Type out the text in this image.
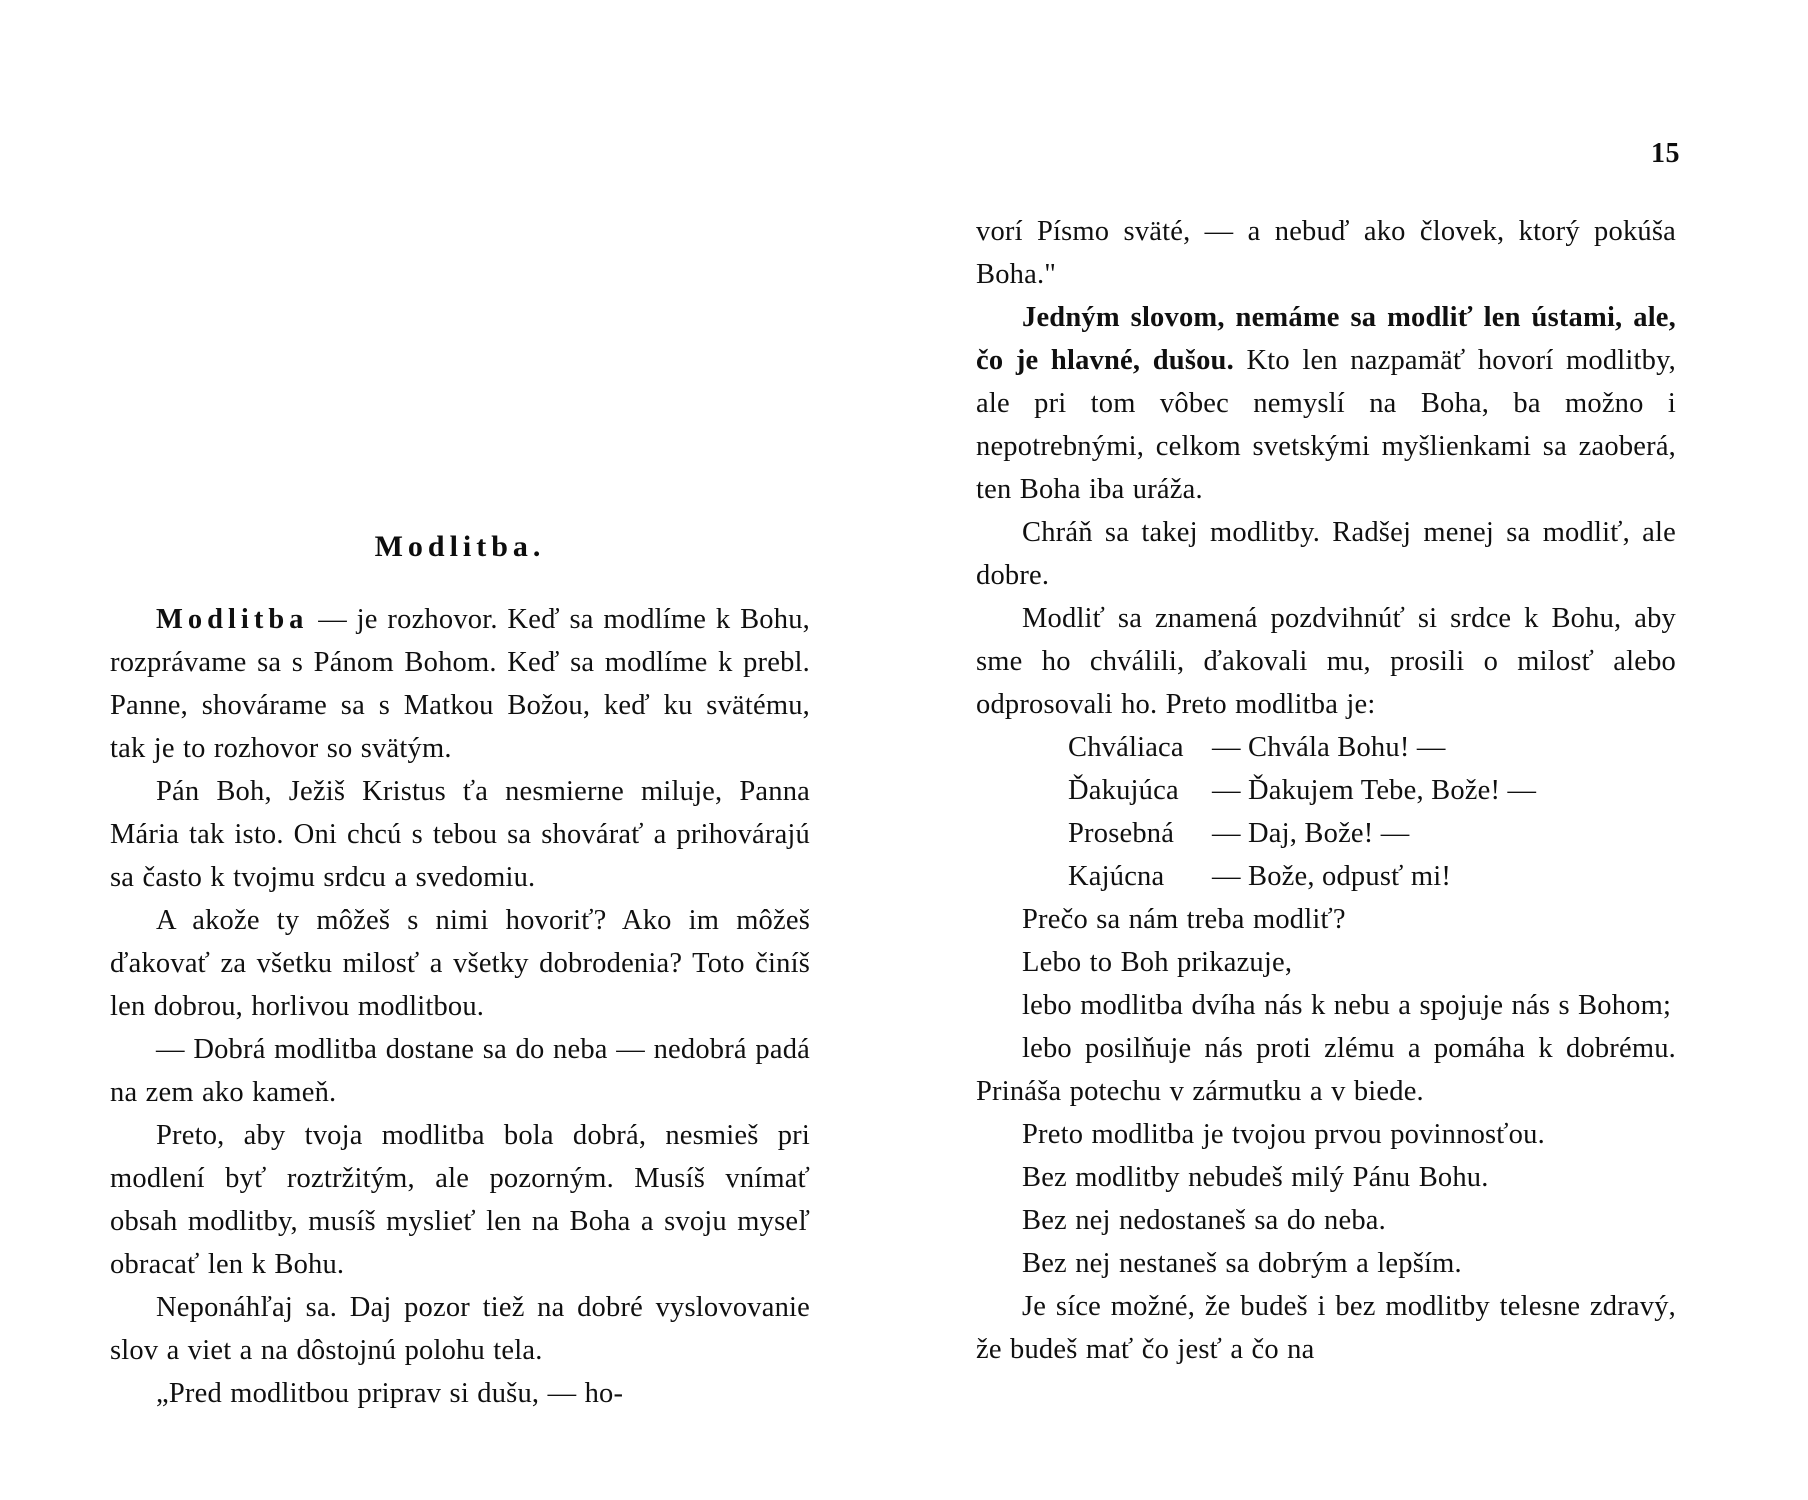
15
Modlitba.

Modlitba — je rozhovor. Keď sa modlíme k Bohu, rozprávame sa s Pánom Bohom. Keď sa modlíme k prebl. Panne, shovárame sa s Matkou Božou, keď ku svätému, tak je to rozhovor so svätým.

Pán Boh, Ježiš Kristus ťa nesmierne miluje, Panna Mária tak isto. Oni chcú s tebou sa shovárať a prihovárajú sa často k tvojmu srdcu a svedomiu.

A akože ty môžeš s nimi hovoriť? Ako im môžeš ďakovať za všetku milosť a všetky dobrodenia? Toto činíš len dobrou, horlivou modlitbou.

— Dobrá modlitba dostane sa do neba — nedobrá padá na zem ako kameň.

Preto, aby tvoja modlitba bola dobrá, nesmieš pri modlení byť roztržitým, ale pozorným. Musíš vnímať obsah modlitby, musíš myslieť len na Boha a svoju myseľ obracať len k Bohu.

Neponáhľaj sa. Daj pozor tiež na dobré vyslovovanie slov a viet a na dôstojnú polohu tela.

„Pred modlitbou priprav si dušu, — ho-

vorí Písmo sväté, — a nebuď ako človek, ktorý pokúša Boha."

Jedným slovom, nemáme sa modliť len ústami, ale, čo je hlavné, dušou. Kto len nazpamäť hovorí modlitby, ale pri tom vôbec nemyslí na Boha, ba možno i nepotrebnými, celkom svetskými myšlienkami sa zaoberá, ten Boha iba uráža.

Chráň sa takej modlitby. Radšej menej sa modliť, ale dobre.

Modliť sa znamená pozdvihnúť si srdce k Bohu, aby sme ho chválili, ďakovali mu, prosili o milosť alebo odprosovali ho. Preto modlitba je:

Chváliaca — Chvála Bohu! —

Ďakujúca — Ďakujem Tebe, Bože! —

Prosebná — Daj, Bože! —

Kajúcna — Bože, odpusť mi!

Prečo sa nám treba modliť?

Lebo to Boh prikazuje,

lebo modlitba dvíha nás k nebu a spojuje nás s Bohom;

lebo posilňuje nás proti zlému a pomáha k dobrému. Prináša potechu v zármutku a v biede.

Preto modlitba je tvojou prvou povinnosťou.

Bez modlitby nebudeš milý Pánu Bohu.

Bez nej nedostaneš sa do neba.

Bez nej nestaneš sa dobrým a lepším.

Je síce možné, že budeš i bez modlitby telesne zdravý, že budeš mať čo jesť a čo na
